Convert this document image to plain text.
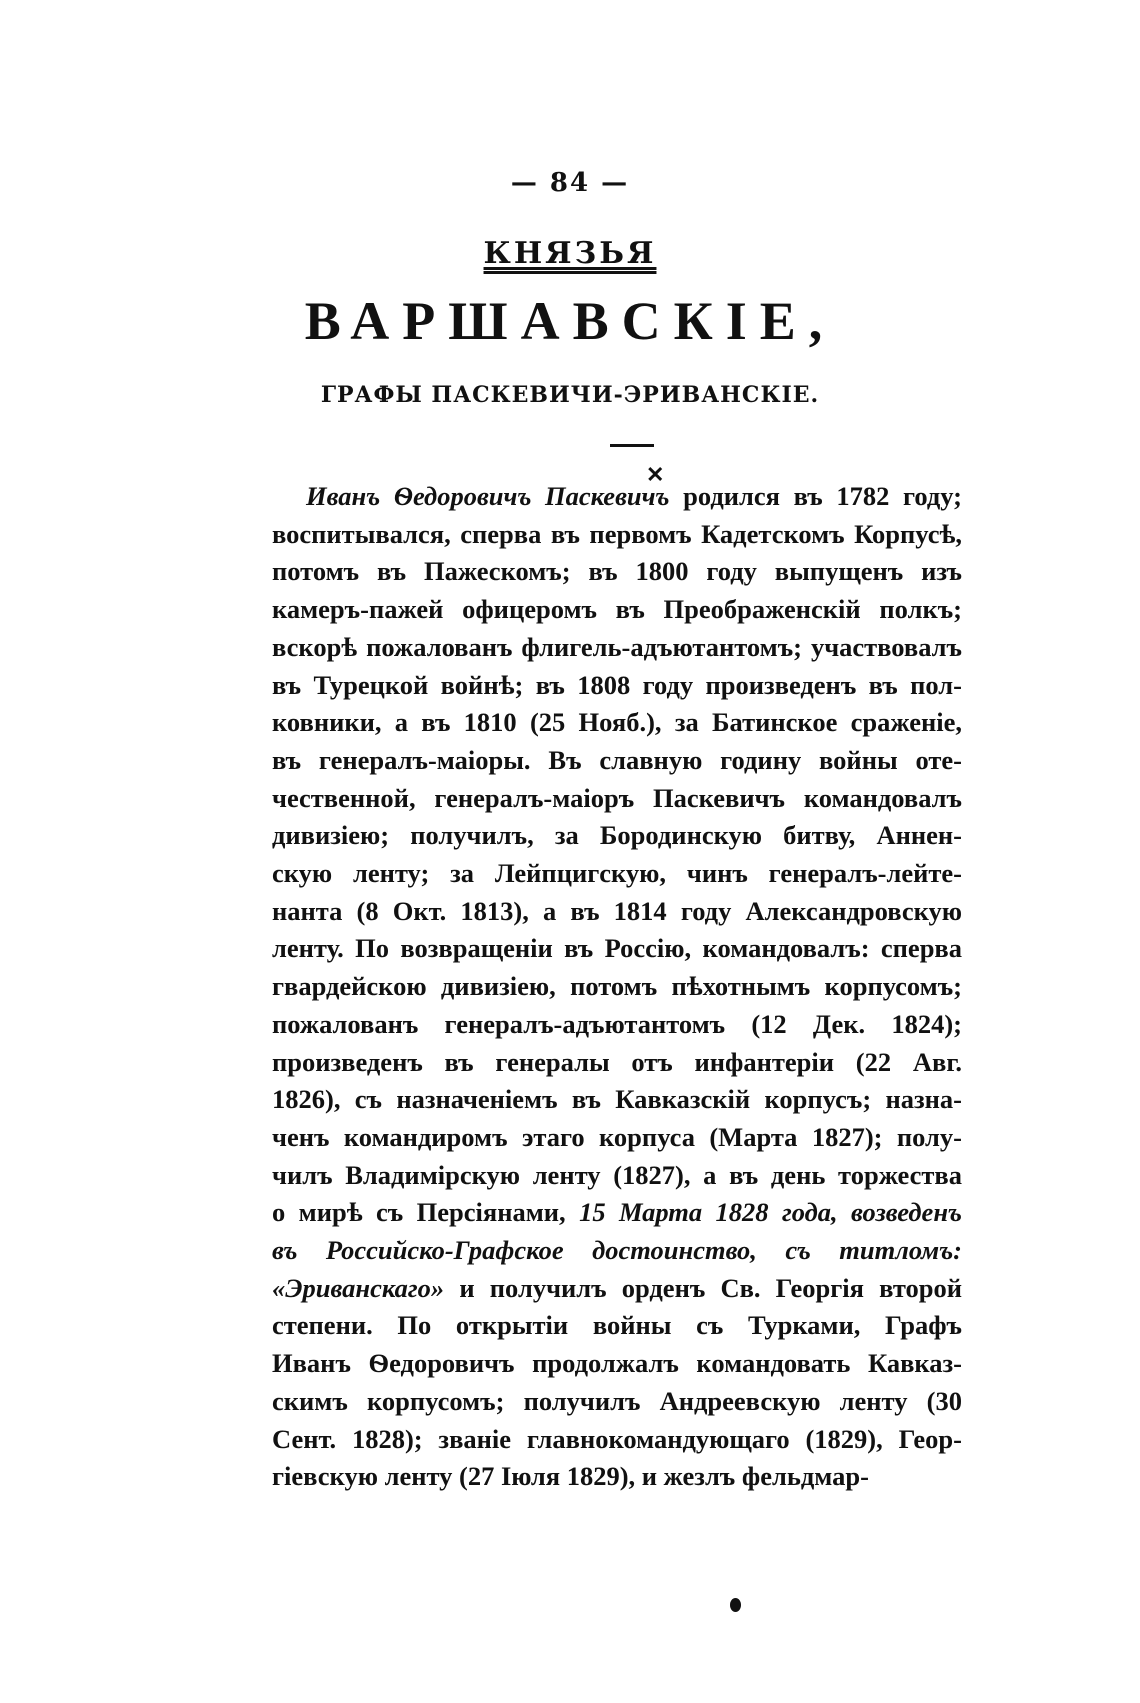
— 84 —
КНЯЗЬЯ
ВАРШАВСКІЕ,
ГРАФЫ ПАСКЕВИЧИ-ЭРИВАНСКІЕ.
✕
Иванъ Ѳедоровичъ Паскевичъ родился въ 1782 году;
воспитывался, сперва въ первомъ Кадетскомъ Корпусѣ,
потомъ въ Пажескомъ; въ 1800 году выпущенъ изъ
камеръ-пажей офицеромъ въ Преображенскій полкъ;
вскорѣ пожалованъ флигель-адъютантомъ; участвовалъ
въ Турецкой войнѣ; въ 1808 году произведенъ въ пол-
ковники, а въ 1810 (25 Нояб.), за Батинское сраженіе,
въ генералъ-маіоры. Въ славную годину войны оте-
чественной, генералъ-маіоръ Паскевичъ командовалъ
дивизіею; получилъ, за Бородинскую битву, Аннен-
скую ленту; за Лейпцигскую, чинъ генералъ-лейте-
нанта (8 Окт. 1813), а въ 1814 году Александровскую
ленту. По возвращеніи въ Россію, командовалъ: сперва
гвардейскою дивизіею, потомъ пѣхотнымъ корпусомъ;
пожалованъ генералъ-адъютантомъ (12 Дек. 1824);
произведенъ въ генералы отъ инфантеріи (22 Авг.
1826), съ назначеніемъ въ Кавказскій корпусъ; назна-
ченъ командиромъ этаго корпуса (Марта 1827); полу-
чилъ Владимірскую ленту (1827), а въ день торжества
о мирѣ съ Персіянами, 15 Марта 1828 года, возведенъ
въ Российско-Графское достоинство, съ титломъ:
«Эриванскаго» и получилъ орденъ Св. Георгія второй
степени. По открытіи войны съ Турками, Графъ
Иванъ Ѳедоровичъ продолжалъ командовать Кавказ-
скимъ корпусомъ; получилъ Андреевскую ленту (30
Сент. 1828); званіе главнокомандующаго (1829), Геор-
гіевскую ленту (27 Іюля 1829), и жезлъ фельдмар-
